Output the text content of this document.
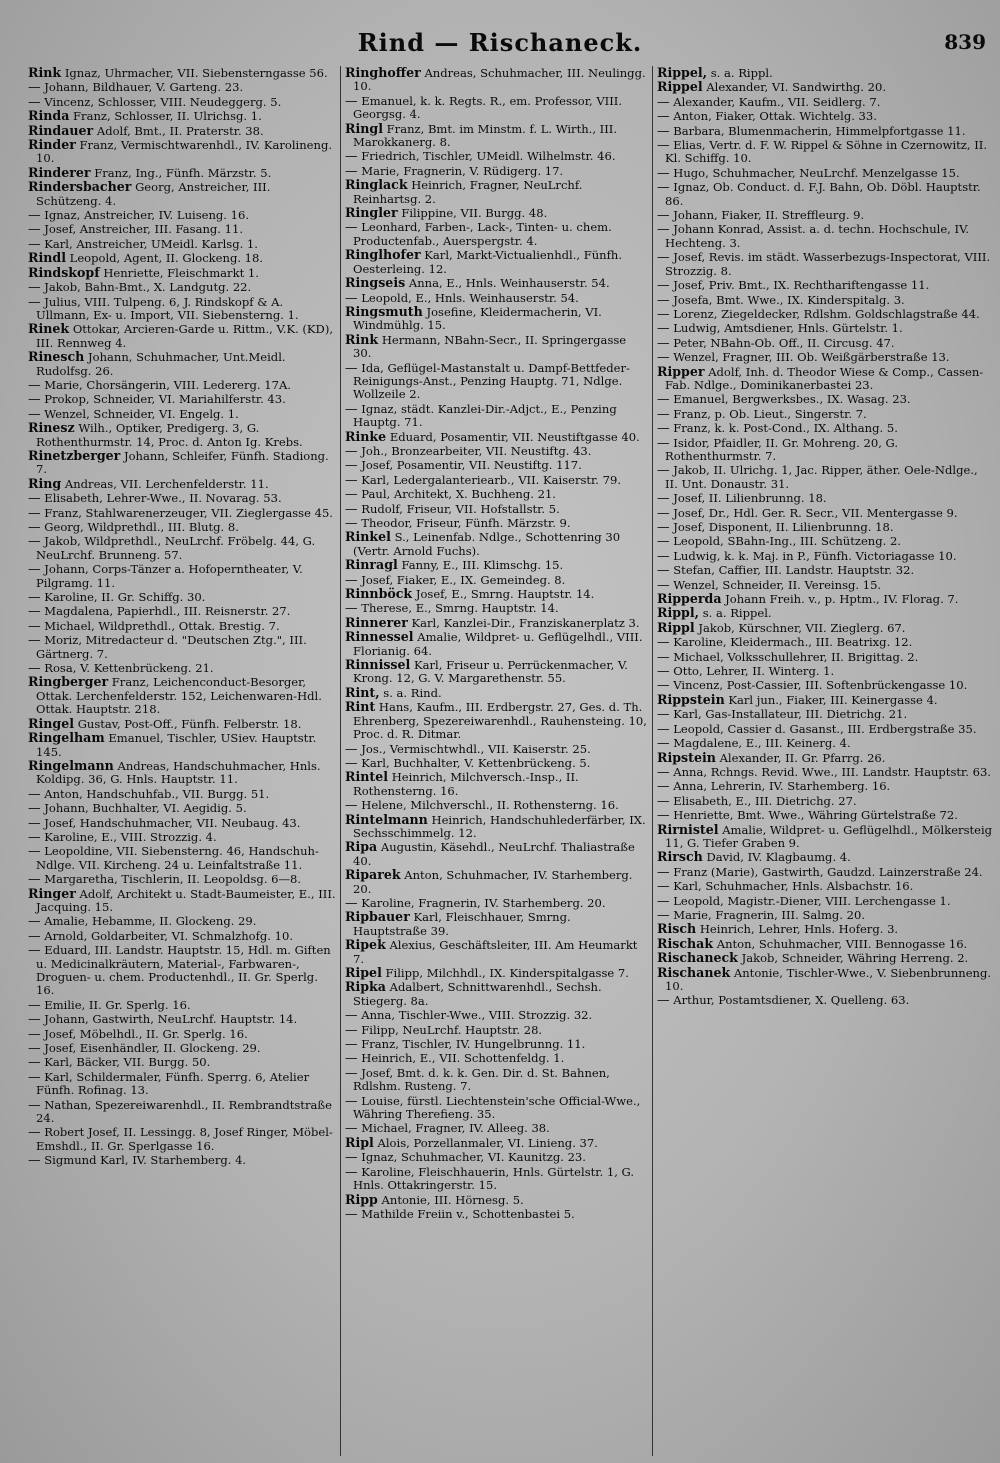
Rind — Rischaneck.	839
Rink Ignaz, Uhrmacher, VII. Siebensterngasse 56.
— Johann, Bildhauer, V. Garteng. 23.
— Vincenz, Schlosser, VIII. Neudeggerg. 5.
Rinda Franz, Schlosser, II. Ulrichsg. 1.
Rindauer Adolf, Bmt., II. Praterstr. 38.
Rinder Franz, Vermischtwarenhdl., IV. Karolineng. 10.
Rinderer Franz, Ing., Fünfh. Märzstr. 5.
Rindersbacher Georg, Anstreicher, III. Schützeng. 4.
— Ignaz, Anstreicher, IV. Luiseng. 16.
— Josef, Anstreicher, III. Fasang. 11.
— Karl, Anstreicher, UMeidl. Karlsg. 1.
Rindl Leopold, Agent, II. Glockeng. 18.
Rindskopf Henriette, Fleischmarkt 1.
— Jakob, Bahn-Bmt., X. Landgutg. 22.
— Julius, VIII. Tulpeng. 6, J. Rindskopf & A. Ullmann, Ex- u. Import, VII. Siebensterng. 1.
Rinek Ottokar, Arcieren-Garde u. Rittm., V.K. (KD), III. Rennweg 4.
Rinesch Johann, Schuhmacher, Unt.Meidl. Rudolfsg. 26.
— Marie, Chorsängerin, VIII. Ledererg. 17A.
— Prokop, Schneider, VI. Mariahilferstr. 43.
— Wenzel, Schneider, VI. Engelg. 1.
Rinesz Wilh., Optiker, Predigerg. 3, G. Rothenthurmstr. 14, Proc. d. Anton Ig. Krebs.
Rinetzberger Johann, Schleifer, Fünfh. Stadiong. 7.
Ring Andreas, VII. Lerchenfelderstr. 11.
— Elisabeth, Lehrer-Wwe., II. Novarag. 53.
— Franz, Stahlwarenerzeuger, VII. Zieglergasse 45.
— Georg, Wildprethdl., III. Blutg. 8.
— Jakob, Wildprethdl., NeuLrchf. Fröbelg. 44, G. NeuLrchf. Brunneng. 57.
— Johann, Corps-Tänzer a. Hofoperntheater, V. Pilgramg. 11.
— Karoline, II. Gr. Schiffg. 30.
— Magdalena, Papierhdl., III. Reisnerstr. 27.
— Michael, Wildprethdl., Ottak. Brestig. 7.
— Moriz, Mitredacteur d. "Deutschen Ztg.", III. Gärtnerg. 7.
— Rosa, V. Kettenbrückeng. 21.
Ringberger Franz, Leichenconduct-Besorger, Ottak. Lerchenfelderstr. 152, Leichenwaren-Hdl. Ottak. Hauptstr. 218.
Ringel Gustav, Post-Off., Fünfh. Felberstr. 18.
Ringelham Emanuel, Tischler, USiev. Hauptstr. 145.
Ringelmann Andreas, Handschuhmacher, Hnls. Koldipg. 36, G. Hnls. Hauptstr. 11.
— Anton, Handschuhfab., VII. Burgg. 51.
— Johann, Buchhalter, VI. Aegidig. 5.
— Josef, Handschuhmacher, VII. Neubaug. 43.
— Karoline, E., VIII. Strozzig. 4.
— Leopoldine, VII. Siebensterng. 46, Handschuh-Ndlge. VII. Kircheng. 24 u. Leinfaltstraße 11.
— Margaretha, Tischlerin, II. Leopoldsg. 6—8.
Ringer Adolf, Architekt u. Stadt-Baumeister, E., III. Jacquing. 15.
— Amalie, Hebamme, II. Glockeng. 29.
— Arnold, Goldarbeiter, VI. Schmalzhofg. 10.
— Eduard, III. Landstr. Hauptstr. 15, Hdl. m. Giften u. Medicinalkräutern, Material-, Farbwaren-, Droguen- u. chem. Productenhdl., II. Gr. Sperlg. 16.
— Emilie, II. Gr. Sperlg. 16.
— Johann, Gastwirth, NeuLrchf. Hauptstr. 14.
— Josef, Möbelhdl., II. Gr. Sperlg. 16.
— Josef, Eisenhändler, II. Glockeng. 29.
— Karl, Bäcker, VII. Burgg. 50.
— Karl, Schildermaler, Fünfh. Sperrg. 6, Atelier Fünfh. Rofinag. 13.
— Nathan, Spezereiwarenhdl., II. Rembrandtstraße 24.
— Robert Josef, II. Lessingg. 8, Josef Ringer, Möbel-Emshdl., II. Gr. Sperlgasse 16.
— Sigmund Karl, IV. Starhemberg. 4.
Ringhoffer Andreas, Schuhmacher, III. Neulingg. 10.
— Emanuel, k. k. Regts. R., em. Professor, VIII. Georgsg. 4.
Ringl Franz, Bmt. im Minstm. f. L. Wirth., III. Marokkanerg. 8.
— Friedrich, Tischler, UMeidl. Wilhelmstr. 46.
— Marie, Fragnerin, V. Rüdigerg. 17.
Ringlack Heinrich, Fragner, NeuLrchf. Reinhartsg. 2.
Ringler Filippine, VII. Burgg. 48.
— Leonhard, Farben-, Lack-, Tinten- u. chem. Productenfab., Auerspergstr. 4.
Ringlhofer Karl, Markt-Victualienhdl., Fünfh. Oesterleing. 12.
Ringseis Anna, E., Hnls. Weinhauserstr. 54.
— Leopold, E., Hnls. Weinhauserstr. 54.
Ringsmuth Josefine, Kleidermacherin, VI. Windmühlg. 15.
Rink Hermann, NBahn-Secr., II. Springergasse 30.
— Ida, Geflügel-Mastanstalt u. Dampf-Bettfeder-Reinigungs-Anst., Penzing Hauptg. 71, Ndlge. Wollzeile 2.
— Ignaz, städt. Kanzlei-Dir.-Adjct., E., Penzing Hauptg. 71.
Rinke Eduard, Posamentir, VII. Neustiftgasse 40.
— Joh., Bronzearbeiter, VII. Neustiftg. 43.
— Josef, Posamentir, VII. Neustiftg. 117.
— Karl, Ledergalanteriearb., VII. Kaiserstr. 79.
— Paul, Architekt, X. Buchheng. 21.
— Rudolf, Friseur, VII. Hofstallstr. 5.
— Theodor, Friseur, Fünfh. Märzstr. 9.
Rinkel S., Leinenfab. Ndlge., Schottenring 30 (Vertr. Arnold Fuchs).
Rinragl Fanny, E., III. Klimschg. 15.
— Josef, Fiaker, E., IX. Gemeindeg. 8.
Rinnböck Josef, E., Smrng. Hauptstr. 14.
— Therese, E., Smrng. Hauptstr. 14.
Rinnerer Karl, Kanzlei-Dir., Franziskanerplatz 3.
Rinnessel Amalie, Wildpret- u. Geflügelhdl., VIII. Florianig. 64.
Rinnissel Karl, Friseur u. Perrückenmacher, V. Krong. 12, G. V. Margarethenstr. 55.
Rint, s. a. Rind.
Rint Hans, Kaufm., III. Erdbergstr. 27, Ges. d. Th. Ehrenberg, Spezereiwarenhdl., Rauhensteing. 10, Proc. d. R. Ditmar.
— Jos., Vermischtwhdl., VII. Kaiserstr. 25.
— Karl, Buchhalter, V. Kettenbrückeng. 5.
Rintel Heinrich, Milchversch.-Insp., II. Rothensterng. 16.
— Helene, Milchverschl., II. Rothensterng. 16.
Rintelmann Heinrich, Handschuhlederfärber, IX. Sechsschimmelg. 12.
Ripa Augustin, Käsehdl., NeuLrchf. Thaliastraße 40.
Riparek Anton, Schuhmacher, IV. Starhemberg. 20.
— Karoline, Fragnerin, IV. Starhemberg. 20.
Ripbauer Karl, Fleischhauer, Smrng. Hauptstraße 39.
Ripek Alexius, Geschäftsleiter, III. Am Heumarkt 7.
Ripel Filipp, Milchhdl., IX. Kinderspitalgasse 7.
Ripka Adalbert, Schnittwarenhdl., Sechsh. Stiegerg. 8a.
— Anna, Tischler-Wwe., VIII. Strozzig. 32.
— Filipp, NeuLrchf. Hauptstr. 28.
— Franz, Tischler, IV. Hungelbrunng. 11.
— Heinrich, E., VII. Schottenfeldg. 1.
— Josef, Bmt. d. k. k. Gen. Dir. d. St. Bahnen, Rdlshm. Rusteng. 7.
— Louise, fürstl. Liechtenstein'sche Official-Wwe., Währing Therefieng. 35.
— Michael, Fragner, IV. Alleeg. 38.
Ripl Alois, Porzellanmaler, VI. Linieng. 37.
— Ignaz, Schuhmacher, VI. Kaunitzg. 23.
— Karoline, Fleischhauerin, Hnls. Gürtelstr. 1, G. Hnls. Ottakringerstr. 15.
Ripp Antonie, III. Hörnesg. 5.
— Mathilde Freiin v., Schottenbastei 5.
Rippel, s. a. Rippl.
Rippel Alexander, VI. Sandwirthg. 20.
— Alexander, Kaufm., VII. Seidlerg. 7.
— Anton, Fiaker, Ottak. Wichtelg. 33.
— Barbara, Blumenmacherin, Himmelpfortgasse 11.
— Elias, Vertr. d. F. W. Rippel & Söhne in Czernowitz, II. Kl. Schiffg. 10.
— Hugo, Schuhmacher, NeuLrchf. Menzelgasse 15.
— Ignaz, Ob. Conduct. d. F.J. Bahn, Ob. Döbl. Hauptstr. 86.
— Johann, Fiaker, II. Streffleurg. 9.
— Johann Konrad, Assist. a. d. techn. Hochschule, IV. Hechteng. 3.
— Josef, Revis. im städt. Wasserbezugs-Inspectorat, VIII. Strozzig. 8.
— Josef, Priv. Bmt., IX. Rechthariftengasse 11.
— Josefa, Bmt. Wwe., IX. Kinderspitalg. 3.
— Lorenz, Ziegeldecker, Rdlshm. Goldschlagstraße 44.
— Ludwig, Amtsdiener, Hnls. Gürtelstr. 1.
— Peter, NBahn-Ob. Off., II. Circusg. 47.
— Wenzel, Fragner, III. Ob. Weißgärberstraße 13.
Ripper Adolf, Inh. d. Theodor Wiese & Comp., Cassen-Fab. Ndlge., Dominikanerbastei 23.
— Emanuel, Bergwerksbes., IX. Wasag. 23.
— Franz, p. Ob. Lieut., Singerstr. 7.
— Franz, k. k. Post-Cond., IX. Althang. 5.
— Isidor, Pfaidler, II. Gr. Mohreng. 20, G. Rothenthurmstr. 7.
— Jakob, II. Ulrichg. 1, Jac. Ripper, äther. Oele-Ndlge., II. Unt. Donaustr. 31.
— Josef, II. Lilienbrunng. 18.
— Josef, Dr., Hdl. Ger. R. Secr., VII. Mentergasse 9.
— Josef, Disponent, II. Lilienbrunng. 18.
— Leopold, SBahn-Ing., III. Schützeng. 2.
— Ludwig, k. k. Maj. in P., Fünfh. Victoriagasse 10.
— Stefan, Caffier, III. Landstr. Hauptstr. 32.
— Wenzel, Schneider, II. Vereinsg. 15.
Ripperda Johann Freih. v., p. Hptm., IV. Florag. 7.
Rippl, s. a. Rippel.
Rippl Jakob, Kürschner, VII. Zieglerg. 67.
— Karoline, Kleidermach., III. Beatrixg. 12.
— Michael, Volksschullehrer, II. Brigittag. 2.
— Otto, Lehrer, II. Winterg. 1.
— Vincenz, Post-Cassier, III. Softenbrückengasse 10.
Rippstein Karl jun., Fiaker, III. Keinergasse 4.
— Karl, Gas-Installateur, III. Dietrichg. 21.
— Leopold, Cassier d. Gasanst., III. Erdbergstraße 35.
— Magdalene, E., III. Keinerg. 4.
Ripstein Alexander, II. Gr. Pfarrg. 26.
— Anna, Rchngs. Revid. Wwe., III. Landstr. Hauptstr. 63.
— Anna, Lehrerin, IV. Starhemberg. 16.
— Elisabeth, E., III. Dietrichg. 27.
— Henriette, Bmt. Wwe., Währing Gürtelstraße 72.
Rirnistel Amalie, Wildpret- u. Geflügelhdl., Mölkersteig 11, G. Tiefer Graben 9.
Rirsch David, IV. Klagbaumg. 4.
— Franz (Marie), Gastwirth, Gaudzd. Lainzerstraße 24.
— Karl, Schuhmacher, Hnls. Alsbachstr. 16.
— Leopold, Magistr.-Diener, VIII. Lerchengasse 1.
— Marie, Fragnerin, III. Salmg. 20.
Risch Heinrich, Lehrer, Hnls. Hoferg. 3.
Rischak Anton, Schuhmacher, VIII. Bennogasse 16.
Rischaneck Jakob, Schneider, Währing Herreng. 2.
Rischanek Antonie, Tischler-Wwe., V. Siebenbrunneng. 10.
— Arthur, Postamtsdiener, X. Quelleng. 63.
